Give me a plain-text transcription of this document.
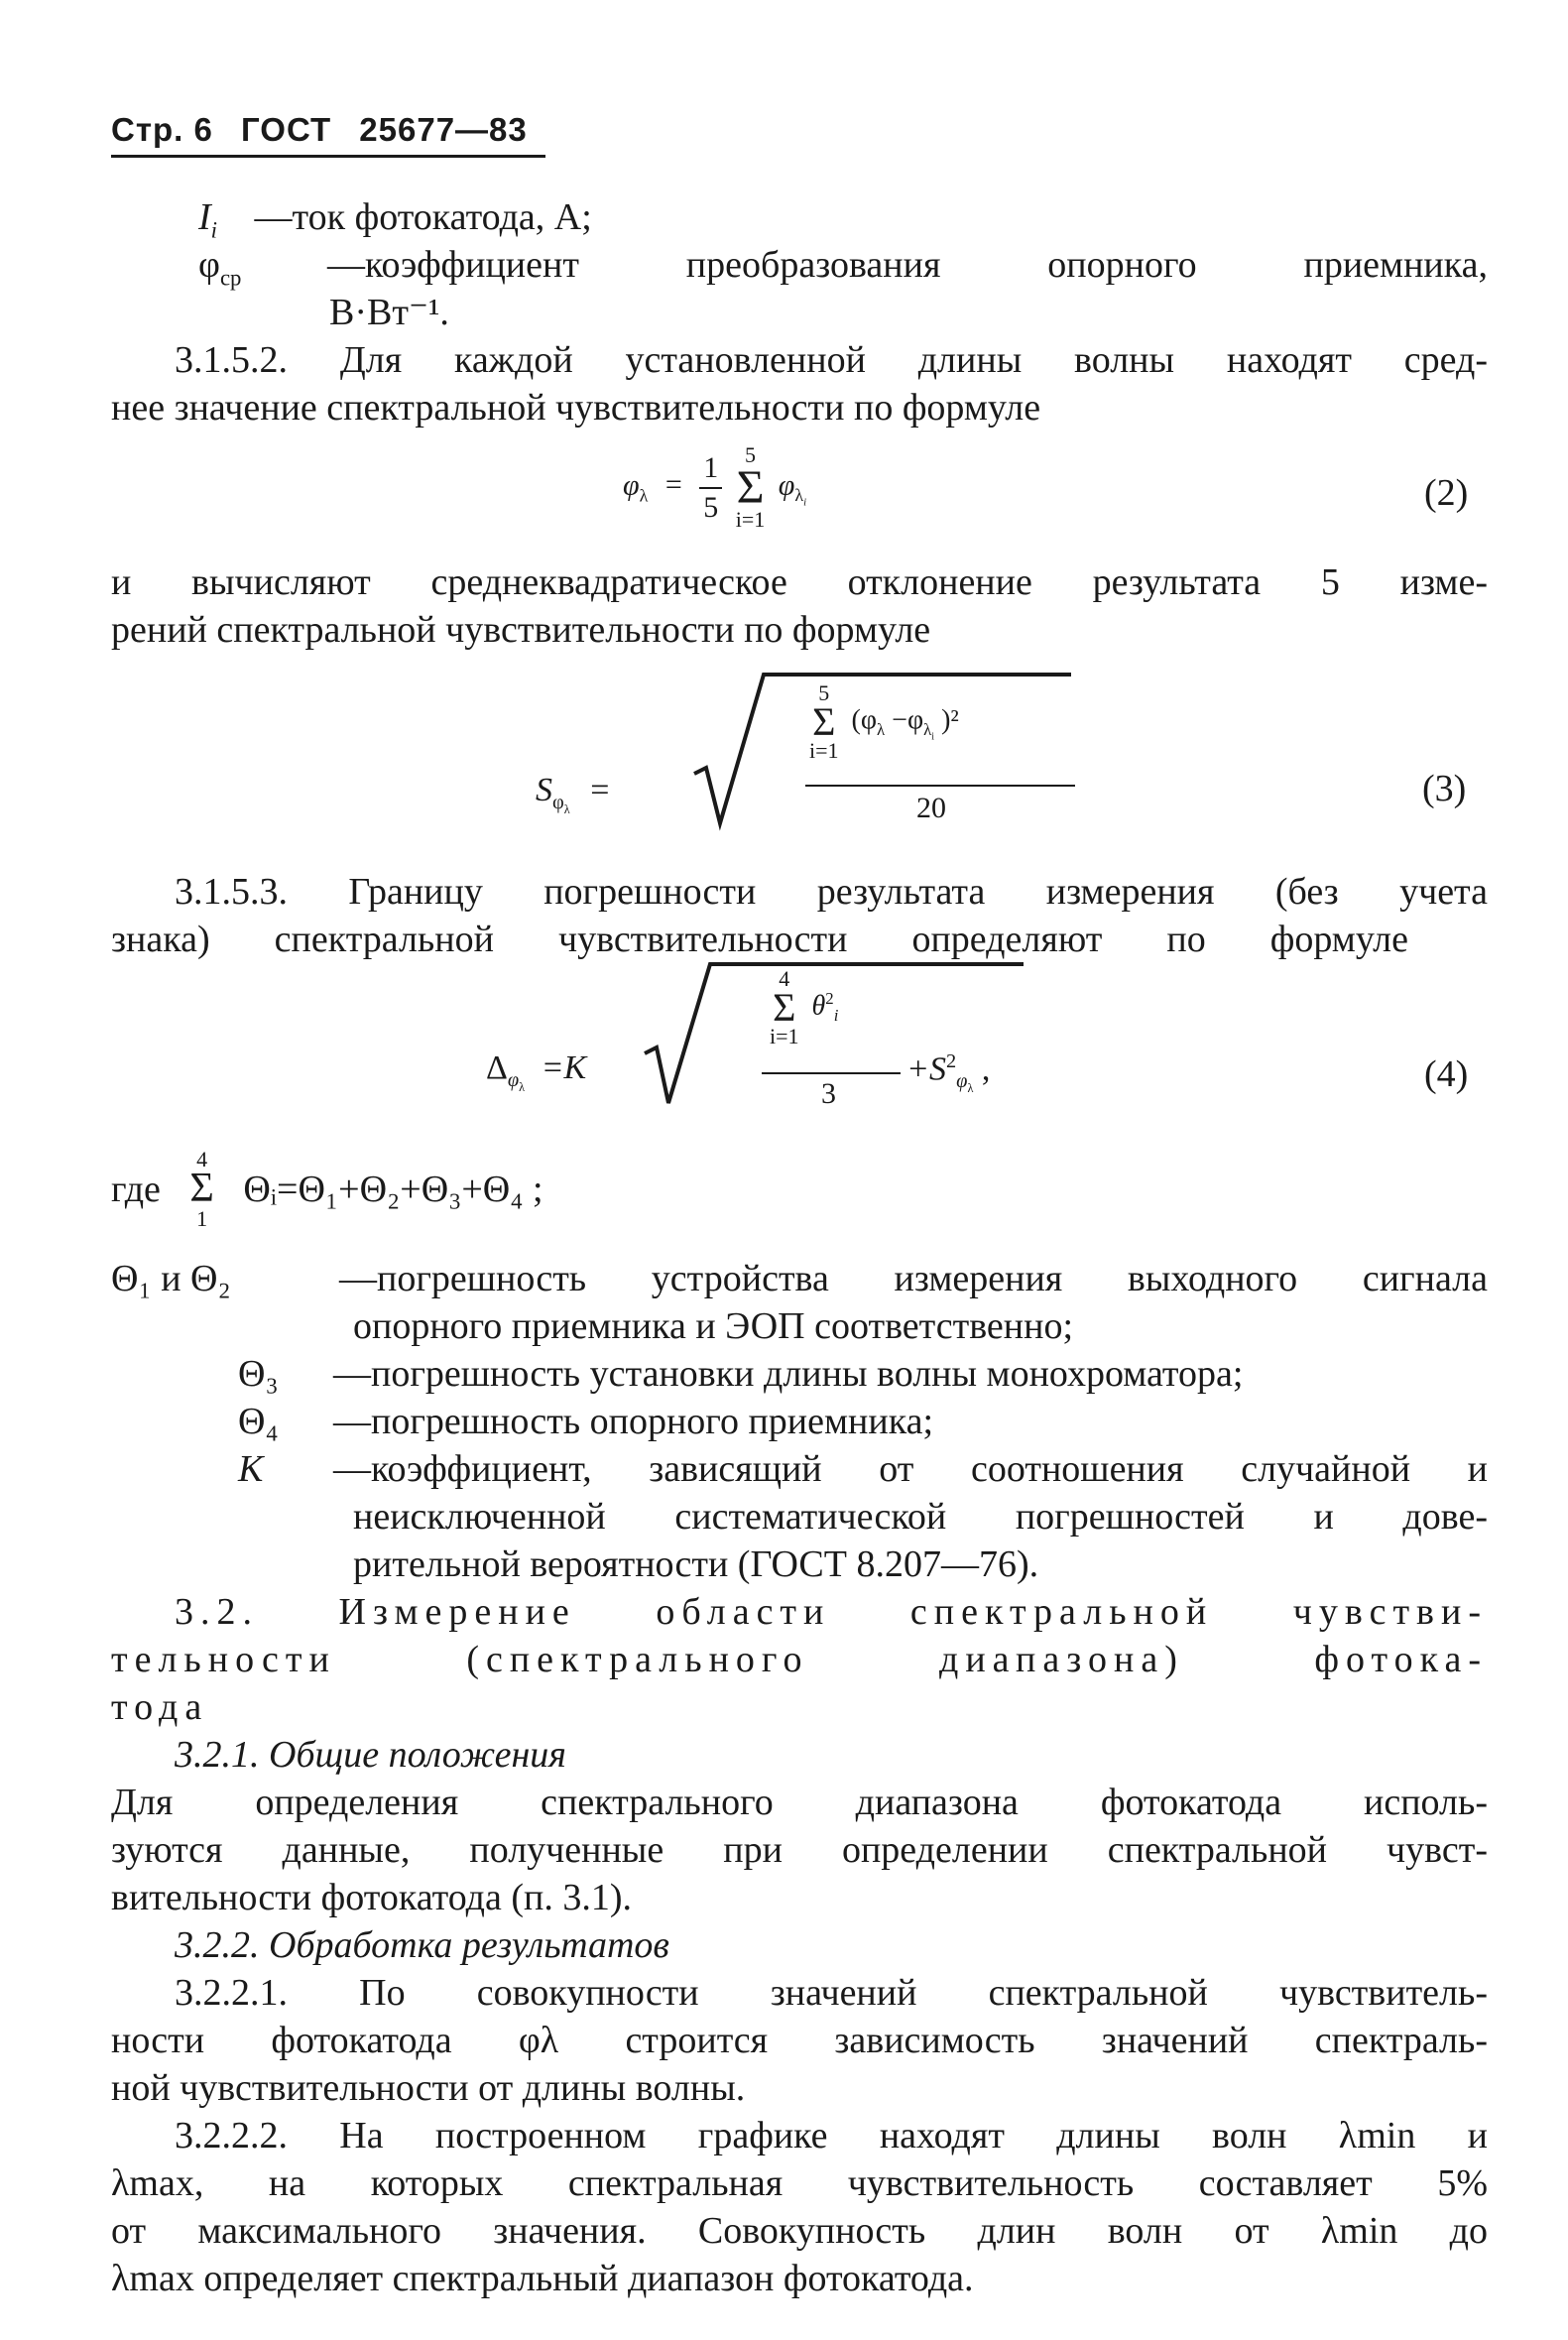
Стр. 6 ГОСТ 25677—83
$I_i$ —ток фотокатода, А;
$\varphi_{ср}$	—коэффициент преобразования опорного приемника,
В·Вт⁻¹.
3.1.5.2. Для каждой установленной длины волны находят сред-
нее значение спектральной чувствительности по формуле
$\varphi_\lambda = \frac{1}{5}$
	5
Σ
i=1
$\varphi_{\lambda_i}$	(2)
и вычисляют среднеквадратическое отклонение результата 5 изме-
рений спектральной чувствительности по формуле
$S_{\varphi_\lambda}$ =
5
Σ
i=1
($\varphi_\lambda -\varphi_{\lambda_i}$ )²
20	(3)
3.1.5.3. Границу погрешности результата измерения (без учета
знака) спектральной чувствительности определяют по формуле
$\Delta_{\varphi_\lambda} =K$
4
Σ
i=1
$\theta^2_i$
3
$+S^2_{\varphi_\lambda}$ ,	(4)
где
4
Σ
1
Θᵢ=Θ₁+Θ₂+Θ₃+Θ₄ ;
Θ₁ и Θ₂	—погрешность устройства измерения выходного сигнала
опорного приемника и ЭОП соответственно;
Θ₃ —погрешность установки длины волны монохроматора;
Θ₄ —погрешность опорного приемника;
K	—коэффициент, зависящий от соотношения случайной и
неисключенной систематической погрешностей и дове-
рительной вероятности (ГОСТ 8.207—76).
3.2. Измерение области спектральной чувстви-
тельности (спектрального диапазона) фотока-
тода
3.2.1. Общие положения
Для определения спектрального диапазона фотокатода исполь-
зуются данные, полученные при определении спектральной чувст-
вительности фотокатода (п. 3.1).
3.2.2. Обработка результатов
3.2.2.1. По совокупности значений спектральной чувствитель-
ности фотокатода φλ строится зависимость значений спектраль-
ной чувствительности от длины волны.
3.2.2.2. На построенном графике находят длины волн λmin и
λmax, на которых спектральная чувствительность составляет 5%
от максимального значения. Совокупность длин волн от λmin до
λmax определяет спектральный диапазон фотокатода.
